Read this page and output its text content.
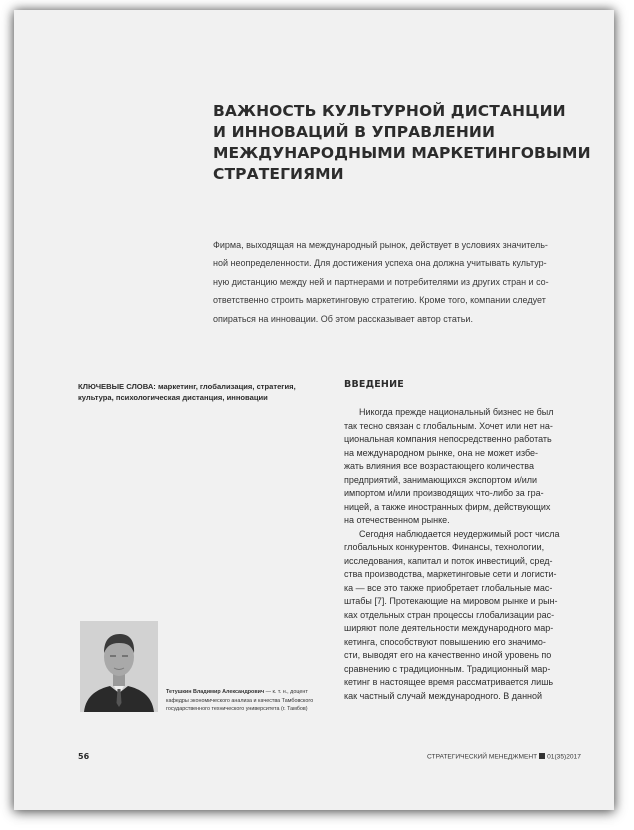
ВАЖНОСТЬ КУЛЬТУРНОЙ ДИСТАНЦИИ
И ИННОВАЦИЙ В УПРАВЛЕНИИ
МЕЖДУНАРОДНЫМИ МАРКЕТИНГОВЫМИ
СТРАТЕГИЯМИ
Фирма, выходящая на международный рынок, действует в условиях значитель-
ной неопределенности. Для достижения успеха она должна учитывать культур-
ную дистанцию между ней и партнерами и потребителями из других стран и со-
ответственно строить маркетинговую стратегию. Кроме того, компании следует
опираться на инновации. Об этом рассказывает автор статьи.
КЛЮЧЕВЫЕ СЛОВА: маркетинг, глобализация, стратегия,
культура, психологическая дистанция, инновации
ВВЕДЕНИЕ
Никогда прежде национальный бизнес не был
так тесно связан с глобальным. Хочет или нет на-
циональная компания непосредственно работать
на международном рынке, она не может избе-
жать влияния все возрастающего количества
предприятий, занимающихся экспортом и/или
импортом и/или производящих что-либо за гра-
ницей, а также иностранных фирм, действующих
на отечественном рынке.
Сегодня наблюдается неудержимый рост числа
глобальных конкурентов. Финансы, технологии,
исследования, капитал и поток инвестиций, сред-
ства производства, маркетинговые сети и логисти-
ка — все это также приобретает глобальные мас-
штабы [7]. Протекающие на мировом рынке и рын-
ках отдельных стран процессы глобализации рас-
ширяют поле деятельности международного мар-
кетинга, способствуют повышению его значимо-
сти, выводят его на качественно иной уровень по
сравнению с традиционным. Традиционный мар-
кетинг в настоящее время рассматривается лишь
как частный случай международного. В данной
Тетушкин Владимир Александрович — к. т. н., доцент
кафедры экономического анализа и качества Тамбовского
государственного технического университета (г. Тамбов)
56	СТРАТЕГИЧЕСКИЙ МЕНЕДЖМЕНТ 01(35)2017
